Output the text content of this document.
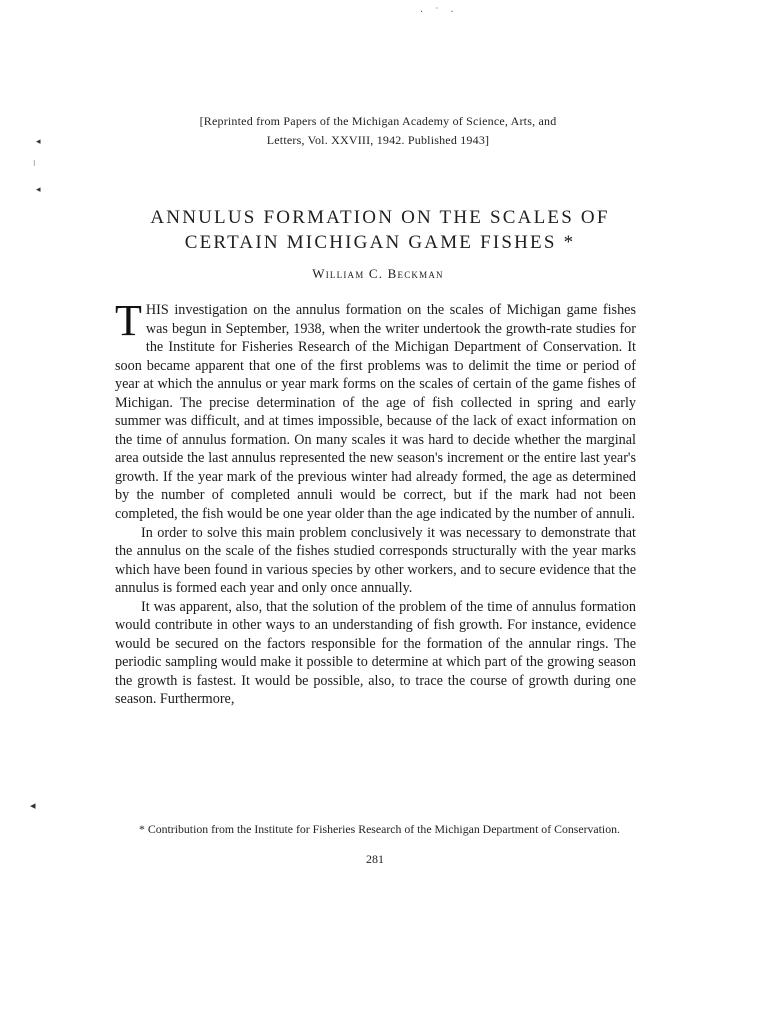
· ˙ ·
◂
⁝
◂
◂
[Reprinted from Papers of the Michigan Academy of Science, Arts, and
Letters, Vol. XXVIII, 1942. Published 1943]
ANNULUS FORMATION ON THE SCALES OF
CERTAIN MICHIGAN GAME FISHES *
William C. Beckman

THIS investigation on the annulus formation on the scales of Michigan game fishes was begun in September, 1938, when the writer undertook the growth-rate studies for the Institute for Fisheries Research of the Michigan Department of Conservation. It soon became apparent that one of the first problems was to delimit the time or period of year at which the annulus or year mark forms on the scales of certain of the game fishes of Michigan. The precise determination of the age of fish collected in spring and early summer was difficult, and at times impossible, because of the lack of exact information on the time of annulus formation. On many scales it was hard to decide whether the marginal area outside the last annulus represented the new season's increment or the entire last year's growth. If the year mark of the previous winter had already formed, the age as determined by the number of completed annuli would be correct, but if the mark had not been completed, the fish would be one year older than the age indicated by the number of annuli.

In order to solve this main problem conclusively it was necessary to demonstrate that the annulus on the scale of the fishes studied corresponds structurally with the year marks which have been found in various species by other workers, and to secure evidence that the annulus is formed each year and only once annually.

It was apparent, also, that the solution of the problem of the time of annulus formation would contribute in other ways to an understanding of fish growth. For instance, evidence would be secured on the factors responsible for the formation of the annular rings. The periodic sampling would make it possible to determine at which part of the growing season the growth is fastest. It would be possible, also, to trace the course of growth during one season. Furthermore,

* Contribution from the Institute for Fisheries Research of the Michigan Department of Conservation.
281
